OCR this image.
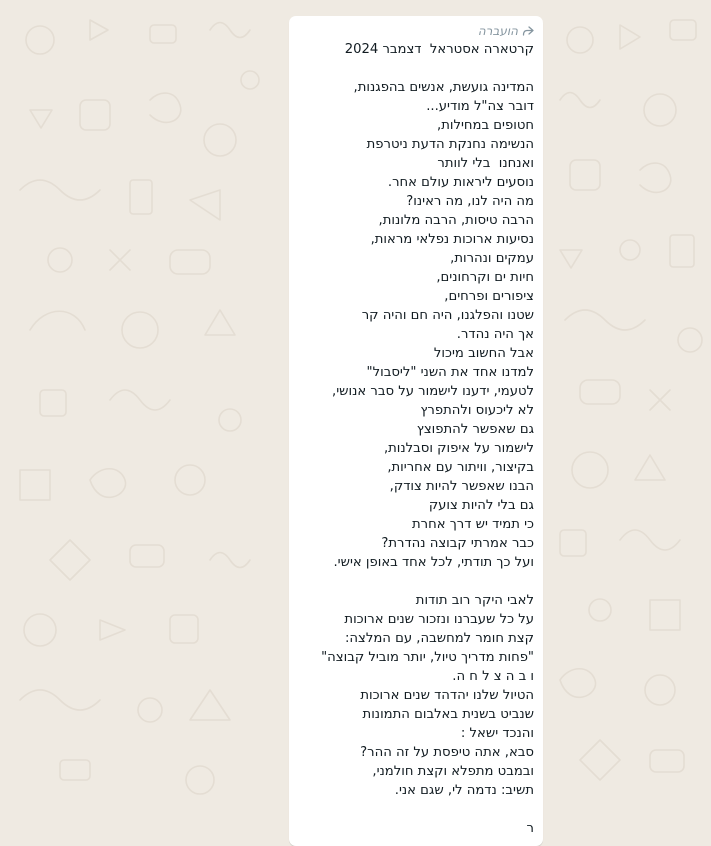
הועברה
קרטארה אסטראל  דצמבר 2024
המדינה גועשת, אנשים בהפגנות,
דובר צה"ל מודיע...
חטופים במחילות,
הנשימה נחנקת הדעת ניטרפת
ואנחנו  בלי לוותר
נוסעים ליראות עולם אחר.
מה היה לנו, מה ראינו?
הרבה טיסות, הרבה מלונות,
נסיעות ארוכות נפלאי מראות,
עמקים ונהרות,
חיות ים וקרחונים,
ציפורים ופרחים,
שטנו והפלגנו, היה חם והיה קר
אך היה נהדר.
אבל החשוב מיכול
למדנו אחד את השני "ליסבול"
לטעמי, ידענו לישמור על סבר אנושי,
לא ליכעוס ולהתפרץ
גם שאפשר להתפוצץ
לישמור על איפוק וסבלנות,
בקיצור, וויתור עם אחריות,
הבנו שאפשר להיות צודק,
גם בלי להיות צועק
כי תמיד יש דרך אחרת
כבר אמרתי קבוצה נהדרת?
ועל כך תודתי, לכל אחד באופן אישי.
לאבי היקר רוב תודות
על כל שעברנו ונזכור שנים ארוכות
קצת חומר למחשבה, עם המלצה:
"פחות מדריך טיול, יותר מוביל קבוצה"
ו ב ה צ ל ח ה.
הטיול שלנו יהדהד שנים ארוכות
שנביט בשנית באלבום התמונות
והנכד ישאל :
סבא, אתה טיפסת על זה ההר?
ובמבט מתפלא וקצת חולמני,
תשיב: נדמה לי, שגם אני.
ר
